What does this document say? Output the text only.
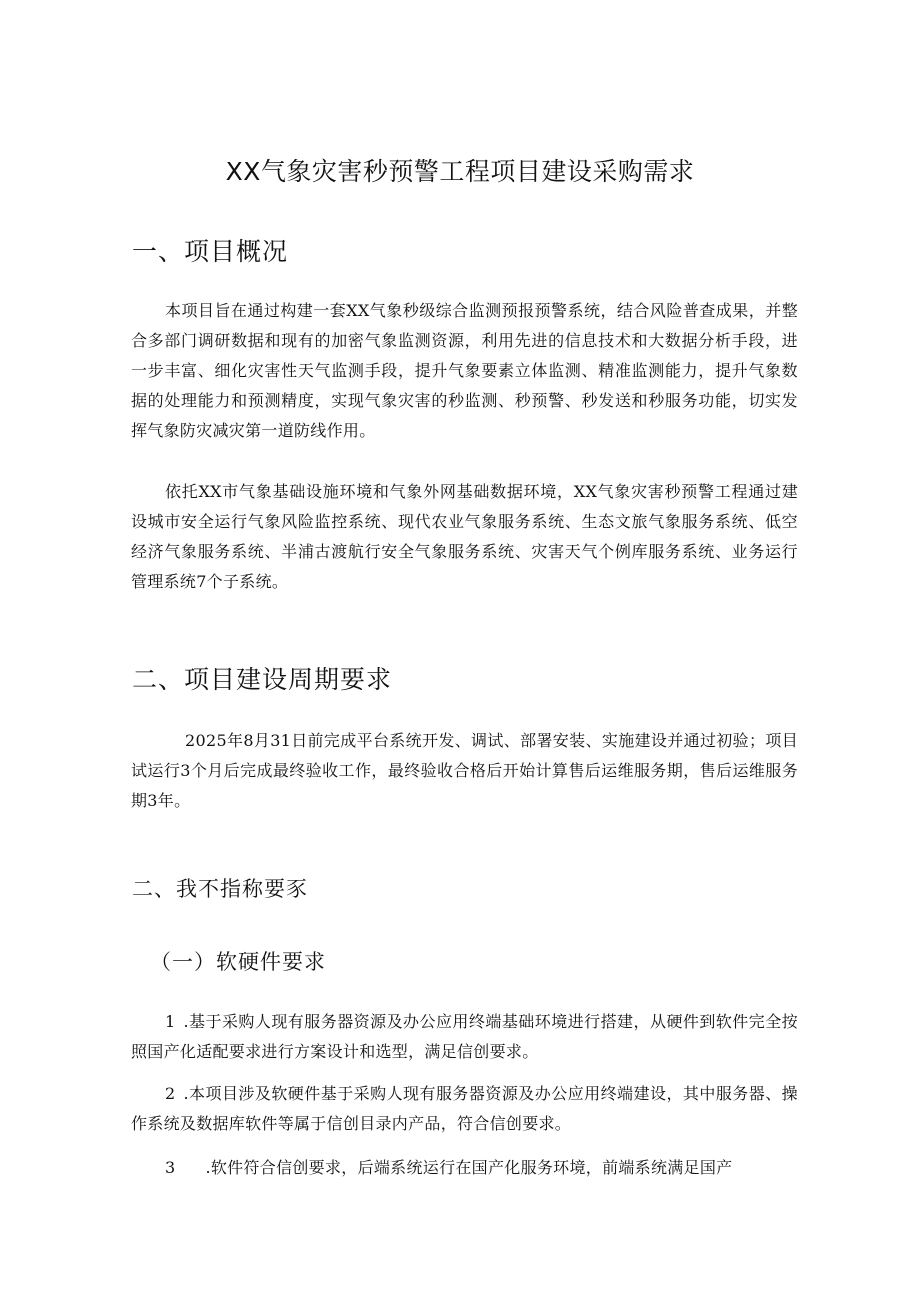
XX气象灾害秒预警工程项目建设采购需求
一、项目概况

本项目旨在通过构建一套XX气象秒级综合监测预报预警系统，结合风险普查成果，并整合多部门调研数据和现有的加密气象监测资源，利用先进的信息技术和大数据分析手段，进一步丰富、细化灾害性天气监测手段，提升气象要素立体监测、精准监测能力，提升气象数据的处理能力和预测精度，实现气象灾害的秒监测、秒预警、秒发送和秒服务功能，切实发挥气象防灾减灾第一道防线作用。

依托XX市气象基础设施环境和气象外网基础数据环境，XX气象灾害秒预警工程通过建设城市安全运行气象风险监控系统、现代农业气象服务系统、生态文旅气象服务系统、低空经济气象服务系统、半浦古渡航行安全气象服务系统、灾害天气个例库服务系统、业务运行管理系统7个子系统。

二、项目建设周期要求

2025年8月31日前完成平台系统开发、调试、部署安装、实施建设并通过初验；项目试运行3个月后完成最终验收工作，最终验收合格后开始计算售后运维服务期，售后运维服务期3年。

二、我不指称要豕
（一）软硬件要求

1 .基于采购人现有服务器资源及办公应用终端基础环境进行搭建，从硬件到软件完全按照国产化适配要求进行方案设计和选型，满足信创要求。

2 .本项目涉及软硬件基于采购人现有服务器资源及办公应用终端建设，其中服务器、操作系统及数据库软件等属于信创目录内产品，符合信创要求。

3 .软件符合信创要求，后端系统运行在国产化服务环境，前端系统满足国产
